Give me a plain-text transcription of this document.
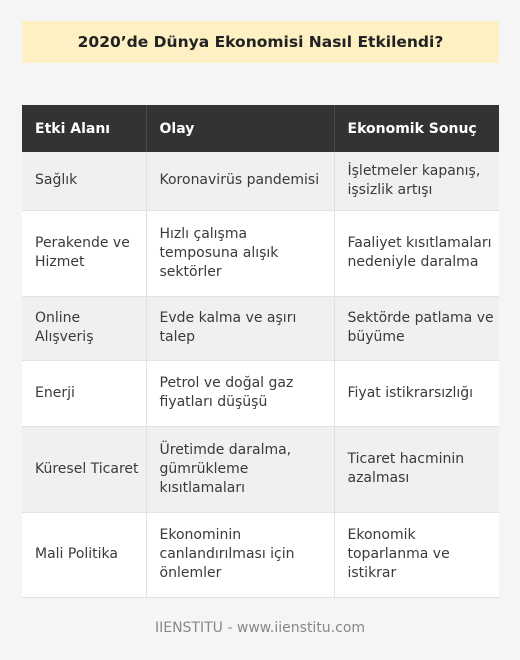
2020’de Dünya Ekonomisi Nasıl Etkilendi?
Etki Alanı	Olay	Ekonomik Sonuç
Sağlık	Koronavirüs pandemisi	İşletmeler kapanış, işsizlik artışı
Perakende ve Hizmet	Hızlı çalışma temposuna alışık sektörler	Faaliyet kısıtlamaları nedeniyle daralma
Online Alışveriş	Evde kalma ve aşırı talep	Sektörde patlama ve büyüme
Enerji	Petrol ve doğal gaz fiyatları düşüşü	Fiyat istikrarsızlığı
Küresel Ticaret	Üretimde daralma, gümrükleme kısıtlamaları	Ticaret hacminin azalması
Mali Politika	Ekonominin canlandırılması için önlemler	Ekonomik toparlanma ve istikrar
IIENSTITU - www.iienstitu.com
